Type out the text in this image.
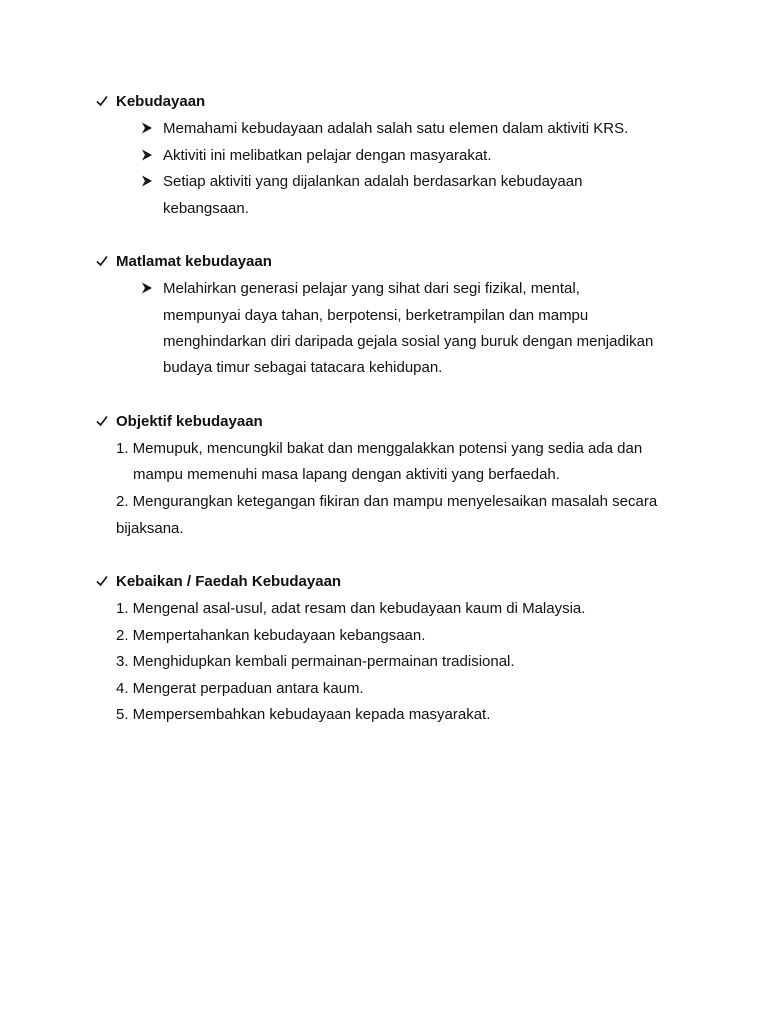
Kebudayaan
Memahami kebudayaan adalah salah satu elemen dalam aktiviti KRS.
Aktiviti ini melibatkan pelajar dengan masyarakat.
Setiap aktiviti yang dijalankan adalah berdasarkan kebudayaan
kebangsaan.
Matlamat kebudayaan
Melahirkan generasi pelajar yang sihat dari segi fizikal, mental,
mempunyai daya tahan, berpotensi, berketrampilan dan mampu
menghindarkan diri daripada gejala sosial yang buruk dengan menjadikan
budaya timur sebagai tatacara kehidupan.
Objektif kebudayaan
1. Memupuk, mencungkil bakat dan menggalakkan potensi yang sedia ada dan
mampu memenuhi masa lapang dengan aktiviti yang berfaedah.
2. Mengurangkan ketegangan fikiran dan mampu menyelesaikan masalah secara
bijaksana.
Kebaikan / Faedah Kebudayaan
1. Mengenal asal-usul, adat resam dan kebudayaan kaum di Malaysia.
2. Mempertahankan kebudayaan kebangsaan.
3. Menghidupkan kembali permainan-permainan tradisional.
4. Mengerat perpaduan antara kaum.
5. Mempersembahkan kebudayaan kepada masyarakat.
